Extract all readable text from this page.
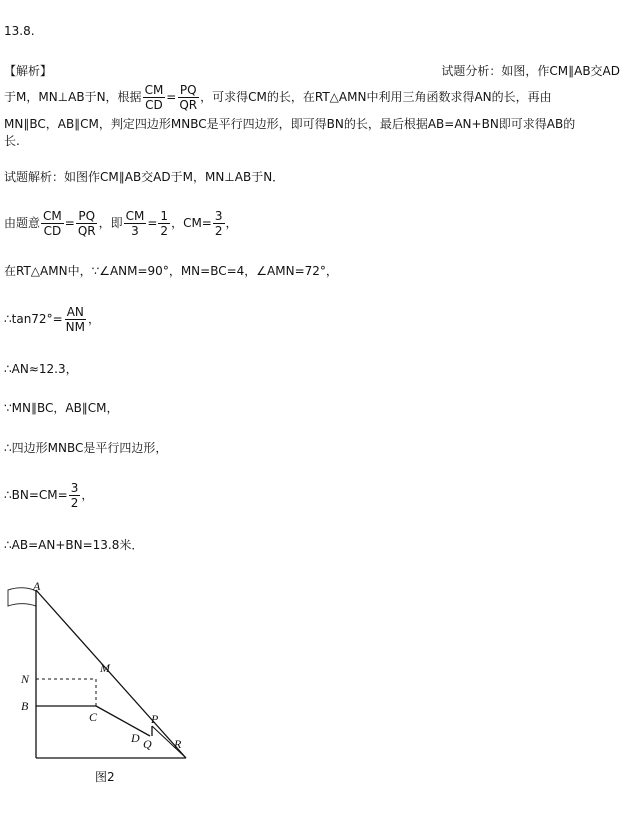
13.8.
【解析】	试题分析：如图，作CM∥AB交AD
于M，MN⊥AB于N，根据 $\frac{CM}{CD} = \frac{PQ}{QR}$ ，可求得CM的长，在RT△AMN中利用三角函数求得AN的长，再由
MN∥BC，AB∥CM，判定四边形MNBC是平行四边形，即可得BN的长，最后根据AB=AN+BN即可求得AB的
长.
试题解析：如图作CM∥AB交AD于M，MN⊥AB于N．
由题意 $\frac{CM}{CD} = \frac{PQ}{QR}$ ，即 $\frac{CM}{3} = \frac{1}{2}$ ，$CM= \frac{3}{2}$ ，
在RT△AMN中，∵∠ANM=90°，MN=BC=4，∠AMN=72°，
∴tan72°= $\frac{AN}{NM}$ ，
∴AN≈12.3，
∵MN∥BC，AB∥CM，
∴四边形MNBC是平行四边形，
∴BN=CM= $\frac{3}{2}$ ，
∴AB=AN+BN=13.8米．
A
N
B
M
C
D Q
P
R
图2
